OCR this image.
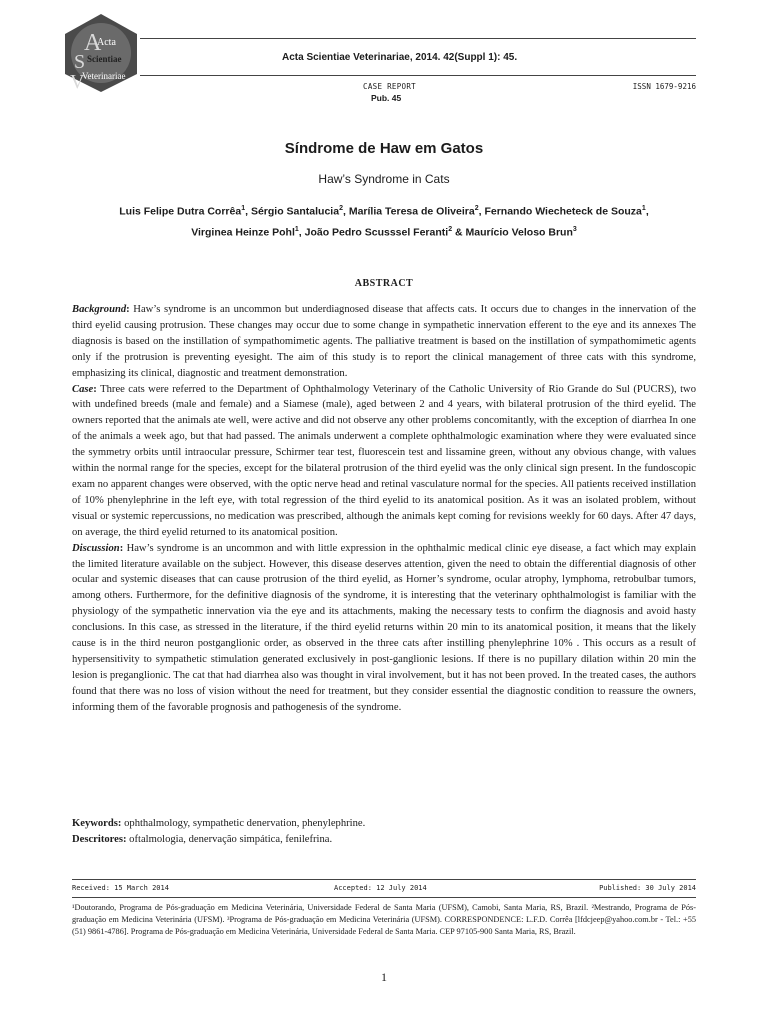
A
Acta
S Scientiae
V
Veterinariae
Acta Scientiae Veterinariae, 2014. 42(Suppl 1): 45.
CASE REPORT
Pub. 45
ISSN 1679-9216
Síndrome de Haw em Gatos
Haw’s Syndrome in Cats
Luis Felipe Dutra Corrêa$^1$, Sérgio Santalucia$^2$, Marília Teresa de Oliveira$^2$, Fernando Wiecheteck de Souza$^1$,
Virginea Heinze Pohl$^1$, João Pedro Scusssel Feranti$^2$ & Maurício Veloso Brun$^3$
ABSTRACT

Background: Haw’s syndrome is an uncommon but underdiagnosed disease that affects cats. It occurs due to changes in the innervation of the third eyelid causing protrusion. These changes may occur due to some change in sympathetic innervation efferent to the eye and its annexes The diagnosis is based on the instillation of sympathomimetic agents. The palliative treatment is based on the instillation of sympathomimetic agents only if the protrusion is preventing eyesight. The aim of this study is to report the clinical management of three cats with this syndrome, emphasizing its clinical, diagnostic and treatment demonstration.

Case: Three cats were referred to the Department of Ophthalmology Veterinary of the Catholic University of Rio Grande do Sul (PUCRS), two with undefined breeds (male and female) and a Siamese (male), aged between 2 and 4 years, with bilateral protrusion of the third eyelid. The owners reported that the animals ate well, were active and did not observe any other problems concomitantly, with the exception of diarrhea In one of the animals a week ago, but that had passed. The animals underwent a complete ophthalmologic examination where they were evaluated since the symmetry orbits until intraocular pressure, Schirmer tear test, fluorescein test and lissamine green, without any obvious change, with values within the normal range for the species, except for the bilateral protrusion of the third eyelid was the only clinical sign present. In the fundoscopic exam no apparent changes were observed, with the optic nerve head and retinal vasculature normal for the species. All patients received instillation of 10% phenylephrine in the left eye, with total regression of the third eyelid to its anatomical position. As it was an isolated problem, without visual or systemic repercussions, no medication was prescribed, although the animals kept coming for revisions weekly for 60 days. After 47 days, on average, the third eyelid returned to its anatomical position.

Discussion: Haw’s syndrome is an uncommon and with little expression in the ophthalmic medical clinic eye disease, a fact which may explain the limited literature available on the subject. However, this disease deserves attention, given the need to obtain the differential diagnosis of other ocular and systemic diseases that can cause protrusion of the third eyelid, as Horner’s syndrome, ocular atrophy, lymphoma, retrobulbar tumors, among others. Furthermore, for the definitive diagnosis of the syndrome, it is interesting that the veterinary ophthalmologist is familiar with the physiology of the sympathetic innervation via the eye and its attachments, making the necessary tests to confirm the diagnosis and avoid hasty conclusions. In this case, as stressed in the literature, if the third eyelid returns within 20 min to its anatomical position, it means that the likely cause is in the third neuron postganglionic order, as observed in the three cats after instilling phenylephrine 10% . This occurs as a result of hypersensitivity to sympathetic stimulation generated exclusively in post-ganglionic lesions. If there is no pupillary dilation within 20 min the lesion is preganglionic. The cat that had diarrhea also was thought in viral involvement, but it has not been proved. In the treated cases, the authors found that there was no loss of vision without the need for treatment, but they consider essential the diagnostic condition to reassure the owners, informing them of the favorable prognosis and pathogenesis of the syndrome.

Keywords: ophthalmology, sympathetic denervation, phenylephrine.

Descritores: oftalmologia, denervação simpática, fenilefrina.

Received: 15 March 2014	Accepted: 12 July 2014	Published: 30 July 2014
¹Doutorando, Programa de Pós-graduação em Medicina Veterinária, Universidade Federal de Santa Maria (UFSM), Camobi, Santa Maria, RS, Brazil. ²Mestrando, Programa de Pós-graduação em Medicina Veterinária (UFSM). ³Programa de Pós-graduação em Medicina Veterinária (UFSM). CORRESPONDENCE: L.F.D. Corrêa [lfdcjeep@yahoo.com.br - Tel.: +55 (51) 9861-4786]. Programa de Pós-graduação em Medicina Veterinária, Universidade Federal de Santa Maria. CEP 97105-900 Santa Maria, RS, Brazil.
1
